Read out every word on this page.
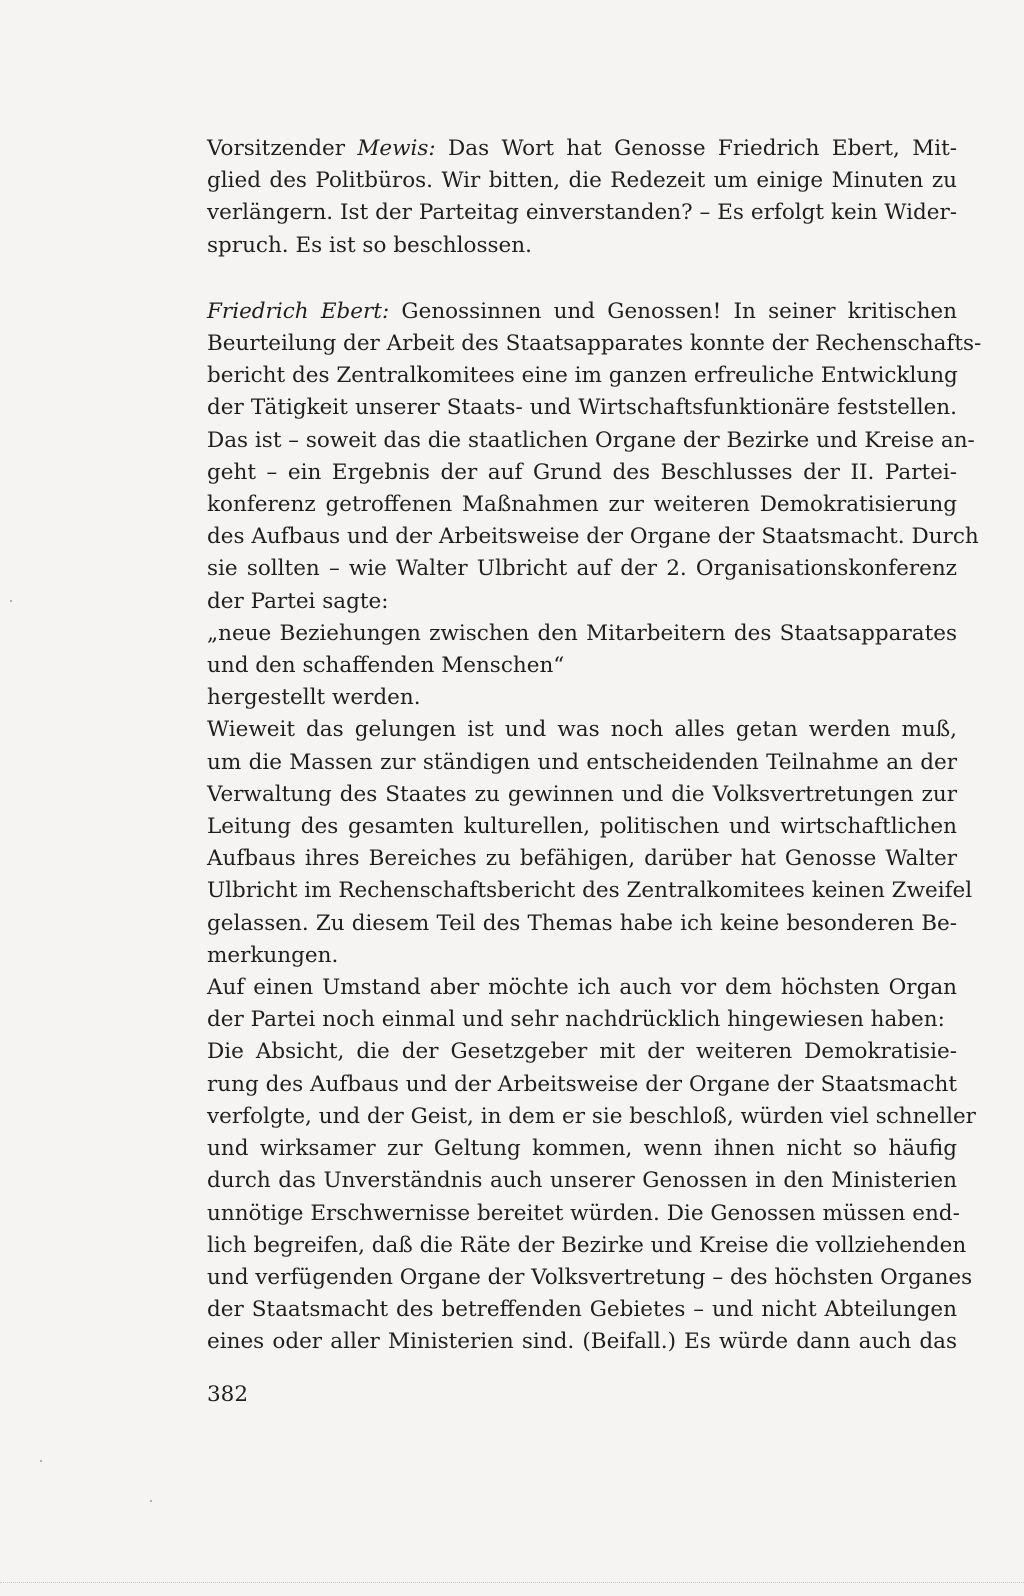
Vorsitzender Mewis: Das Wort hat Genosse Friedrich Ebert, Mit-
glied des Politbüros. Wir bitten, die Redezeit um einige Minuten zu
verlängern. Ist der Parteitag einverstanden? – Es erfolgt kein Wider-
spruch. Es ist so beschlossen.
Friedrich Ebert: Genossinnen und Genossen! In seiner kritischen
Beurteilung der Arbeit des Staatsapparates konnte der Rechenschafts-
bericht des Zentralkomitees eine im ganzen erfreuliche Entwicklung
der Tätigkeit unserer Staats- und Wirtschaftsfunktionäre feststellen.
Das ist – soweit das die staatlichen Organe der Bezirke und Kreise an-
geht – ein Ergebnis der auf Grund des Beschlusses der II. Partei-
konferenz getroffenen Maßnahmen zur weiteren Demokratisierung
des Aufbaus und der Arbeitsweise der Organe der Staatsmacht. Durch
sie sollten – wie Walter Ulbricht auf der 2. Organisationskonferenz
der Partei sagte:
„neue Beziehungen zwischen den Mitarbeitern des Staatsapparates
und den schaffenden Menschen“
hergestellt werden.
Wieweit das gelungen ist und was noch alles getan werden muß,
um die Massen zur ständigen und entscheidenden Teilnahme an der
Verwaltung des Staates zu gewinnen und die Volksvertretungen zur
Leitung des gesamten kulturellen, politischen und wirtschaftlichen
Aufbaus ihres Bereiches zu befähigen, darüber hat Genosse Walter
Ulbricht im Rechenschaftsbericht des Zentralkomitees keinen Zweifel
gelassen. Zu diesem Teil des Themas habe ich keine besonderen Be-
merkungen.
Auf einen Umstand aber möchte ich auch vor dem höchsten Organ
der Partei noch einmal und sehr nachdrücklich hingewiesen haben:
Die Absicht, die der Gesetzgeber mit der weiteren Demokratisie-
rung des Aufbaus und der Arbeitsweise der Organe der Staatsmacht
verfolgte, und der Geist, in dem er sie beschloß, würden viel schneller
und wirksamer zur Geltung kommen, wenn ihnen nicht so häufig
durch das Unverständnis auch unserer Genossen in den Ministerien
unnötige Erschwernisse bereitet würden. Die Genossen müssen end-
lich begreifen, daß die Räte der Bezirke und Kreise die vollziehenden
und verfügenden Organe der Volksvertretung – des höchsten Organes
der Staatsmacht des betreffenden Gebietes – und nicht Abteilungen
eines oder aller Ministerien sind. (Beifall.) Es würde dann auch das
382
